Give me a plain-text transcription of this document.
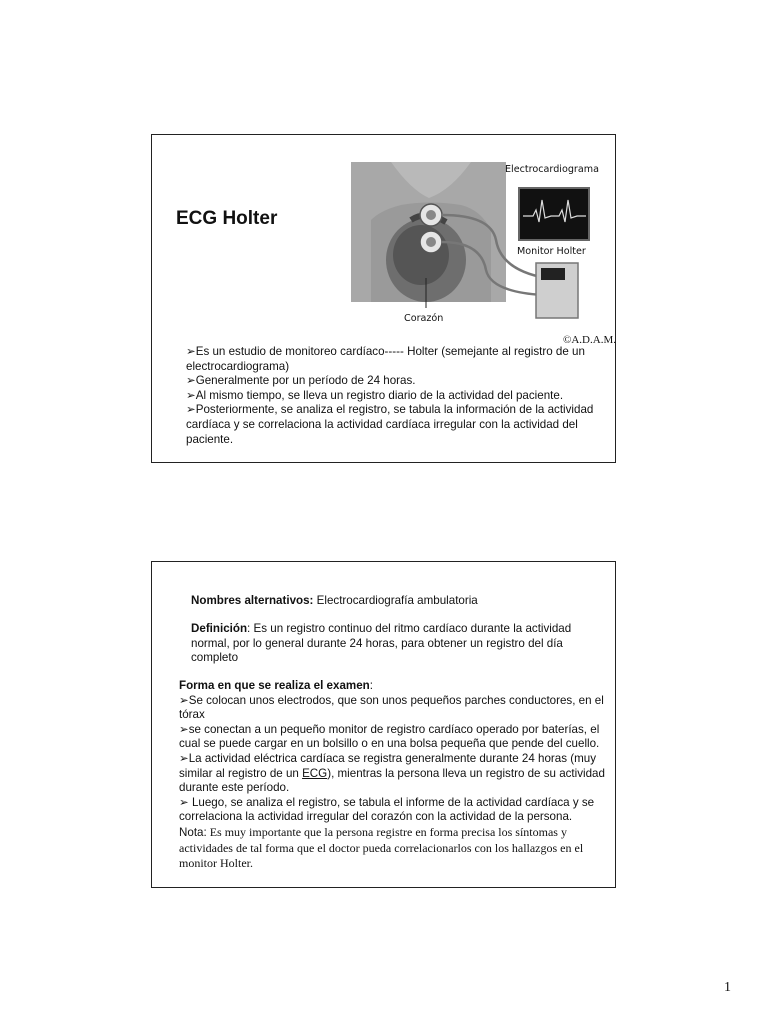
ECG Holter
Electrocardiograma
Monitor Holter
Corazón
©A.D.A.M.

➢Es un estudio de monitoreo cardíaco----- Holter (semejante al registro de un electrocardiograma)

➢Generalmente por un período de 24 horas.

➢Al mismo tiempo, se lleva un registro diario de la actividad del paciente.

➢Posteriormente, se analiza el registro, se tabula la información de la actividad cardíaca y se correlaciona la actividad cardíaca irregular con la actividad del paciente.

Nombres alternativos: Electrocardiografía ambulatoria
Definición: Es un registro continuo del ritmo cardíaco durante la actividad normal, por lo general durante 24 horas, para obtener un registro del día completo

Forma en que se realiza el examen:

➢Se colocan unos electrodos, que son unos pequeños parches conductores, en el tórax

➢se conectan a un pequeño monitor de registro cardíaco operado por baterías, el cual se puede cargar en un bolsillo o en una bolsa pequeña que pende del cuello.

➢La actividad eléctrica cardíaca se registra generalmente durante 24 horas (muy similar al registro de un ECG), mientras la persona lleva un registro de su actividad durante este período.

➢ Luego, se analiza el registro, se tabula el informe de la actividad cardíaca y se correlaciona la actividad irregular del corazón con la actividad de la persona.

Nota: Es muy importante que la persona registre en forma precisa los síntomas y actividades de tal forma que el doctor pueda correlacionarlos con los hallazgos en el monitor Holter.

1
